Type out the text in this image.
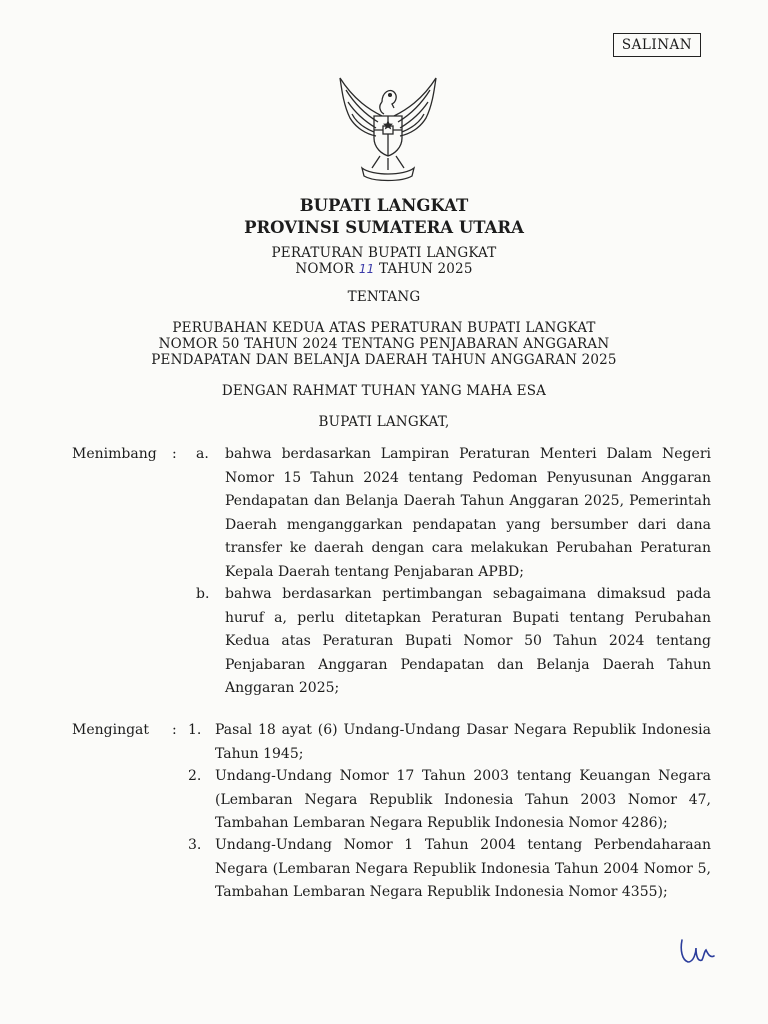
SALINAN
BUPATI LANGKAT
PROVINSI SUMATERA UTARA
PERATURAN BUPATI LANGKAT
NOMOR 11 TAHUN 2025
TENTANG
PERUBAHAN KEDUA ATAS PERATURAN BUPATI LANGKAT
NOMOR 50 TAHUN 2024 TENTANG PENJABARAN ANGGARAN
PENDAPATAN DAN BELANJA DAERAH TAHUN ANGGARAN 2025
DENGAN RAHMAT TUHAN YANG MAHA ESA
BUPATI LANGKAT,
Menimbang : a. bahwa berdasarkan Lampiran Peraturan Menteri Dalam Negeri Nomor 15 Tahun 2024 tentang Pedoman Penyusunan Anggaran Pendapatan dan Belanja Daerah Tahun Anggaran 2025, Pemerintah Daerah menganggarkan pendapatan yang bersumber dari dana transfer ke daerah dengan cara melakukan Perubahan Peraturan Kepala Daerah tentang Penjabaran APBD;
b. bahwa berdasarkan pertimbangan sebagaimana dimaksud pada huruf a, perlu ditetapkan Peraturan Bupati tentang Perubahan Kedua atas Peraturan Bupati Nomor 50 Tahun 2024 tentang Penjabaran Anggaran Pendapatan dan Belanja Daerah Tahun Anggaran 2025;
Mengingat : 1. Pasal 18 ayat (6) Undang-Undang Dasar Negara Republik Indonesia Tahun 1945;
2. Undang-Undang Nomor 17 Tahun 2003 tentang Keuangan Negara (Lembaran Negara Republik Indonesia Tahun 2003 Nomor 47, Tambahan Lembaran Negara Republik Indonesia Nomor 4286);
3. Undang-Undang Nomor 1 Tahun 2004 tentang Perbendaharaan Negara (Lembaran Negara Republik Indonesia Tahun 2004 Nomor 5, Tambahan Lembaran Negara Republik Indonesia Nomor 4355);
